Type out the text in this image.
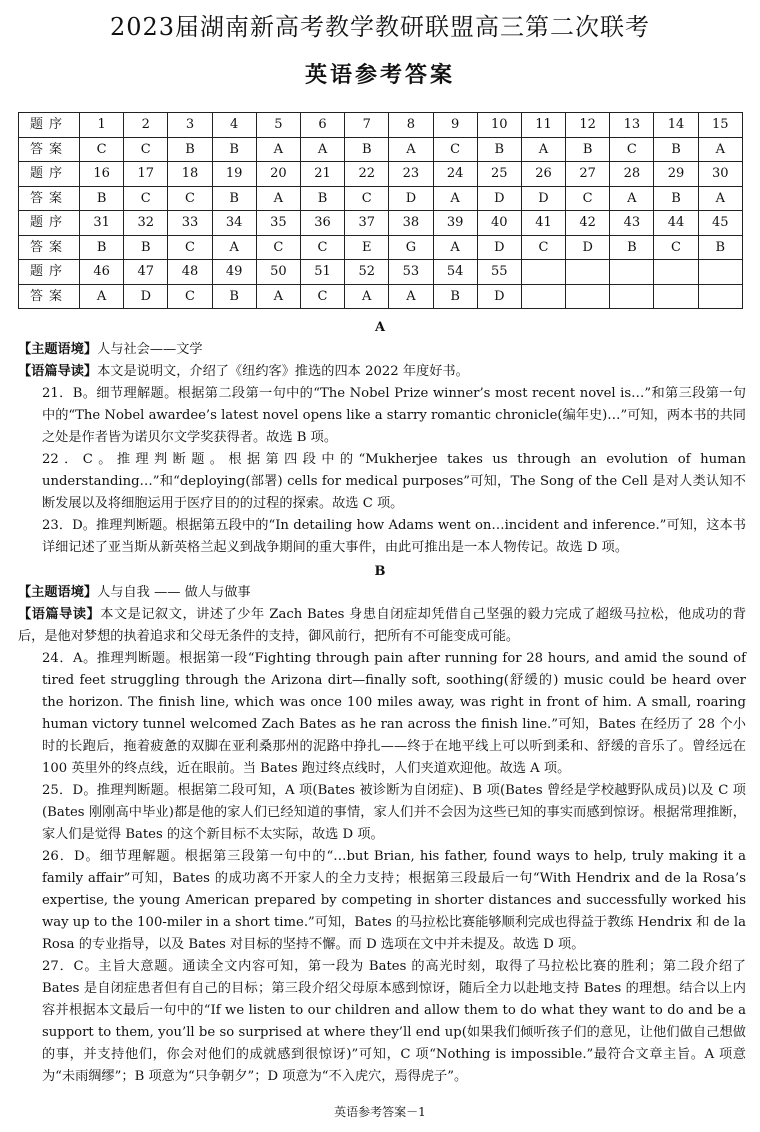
2023届湖南新高考教学教研联盟高三第二次联考
英语参考答案
题序	1	2	3	4	5	6	7	8	9	10	11	12	13	14	15
答案	C	C	B	B	A	A	B	A	C	B	A	B	C	B	A
题序	16	17	18	19	20	21	22	23	24	25	26	27	28	29	30
答案	B	C	C	B	A	B	C	D	A	D	D	C	A	B	A
题序	31	32	33	34	35	36	37	38	39	40	41	42	43	44	45
答案	B	B	C	A	C	C	E	G	A	D	C	D	B	C	B
题序	46	47	48	49	50	51	52	53	54	55					
答案	A	D	C	B	A	C	A	A	B	D					
A

【主题语境】人与社会——文学

【语篇导读】本文是说明文，介绍了《纽约客》推选的四本 2022 年度好书。

21．B。细节理解题。根据第二段第一句中的“The Nobel Prize winner’s most recent novel is…”和第三段第一句中的“The Nobel awardee’s latest novel opens like a starry romantic chronicle(编年史)…”可知，两本书的共同之处是作者皆为诺贝尔文学奖获得者。故选 B 项。

22．C。推理判断题。根据第四段中的“Mukherjee takes us through an evolution of human understanding…”和“deploying(部署) cells for medical purposes”可知，The Song of the Cell 是对人类认知不断发展以及将细胞运用于医疗目的的过程的探索。故选 C 项。

23．D。推理判断题。根据第五段中的“In detailing how Adams went on…incident and inference.”可知，这本书详细记述了亚当斯从新英格兰起义到战争期间的重大事件，由此可推出是一本人物传记。故选 D 项。

B

【主题语境】人与自我 —— 做人与做事

【语篇导读】本文是记叙文，讲述了少年 Zach Bates 身患自闭症却凭借自己坚强的毅力完成了超级马拉松，他成功的背后，是他对梦想的执着追求和父母无条件的支持，御风前行，把所有不可能变成可能。

24．A。推理判断题。根据第一段“Fighting through pain after running for 28 hours, and amid the sound of tired feet struggling through the Arizona dirt—finally soft, soothing(舒缓的) music could be heard over the horizon. The finish line, which was once 100 miles away, was right in front of him. A small, roaring human victory tunnel welcomed Zach Bates as he ran across the finish line.”可知，Bates 在经历了 28 个小时的长跑后，拖着疲惫的双脚在亚利桑那州的泥路中挣扎——终于在地平线上可以听到柔和、舒缓的音乐了。曾经远在 100 英里外的终点线，近在眼前。当 Bates 跑过终点线时，人们夹道欢迎他。故选 A 项。

25．D。推理判断题。根据第二段可知，A 项(Bates 被诊断为自闭症)、B 项(Bates 曾经是学校越野队成员)以及 C 项(Bates 刚刚高中毕业)都是他的家人们已经知道的事情，家人们并不会因为这些已知的事实而感到惊讶。根据常理推断，家人们是觉得 Bates 的这个新目标不太实际，故选 D 项。

26．D。细节理解题。根据第三段第一句中的“…but Brian, his father, found ways to help, truly making it a family affair”可知，Bates 的成功离不开家人的全力支持；根据第三段最后一句“With Hendrix and de la Rosa’s expertise, the young American prepared by competing in shorter distances and successfully worked his way up to the 100-miler in a short time.”可知，Bates 的马拉松比赛能够顺利完成也得益于教练 Hendrix 和 de la Rosa 的专业指导，以及 Bates 对目标的坚持不懈。而 D 选项在文中并未提及。故选 D 项。

27．C。主旨大意题。通读全文内容可知，第一段为 Bates 的高光时刻，取得了马拉松比赛的胜利；第二段介绍了 Bates 是自闭症患者但有自己的目标；第三段介绍父母原本感到惊讶，随后全力以赴地支持 Bates 的理想。结合以上内容并根据本文最后一句中的“If we listen to our children and allow them to do what they want to do and be a support to them, you’ll be so surprised at where they’ll end up(如果我们倾听孩子们的意见，让他们做自己想做的事，并支持他们，你会对他们的成就感到很惊讶)”可知，C 项“Nothing is impossible.”最符合文章主旨。A 项意为“未雨绸缪”；B 项意为“只争朝夕”；D 项意为“不入虎穴，焉得虎子”。

英语参考答案－1
